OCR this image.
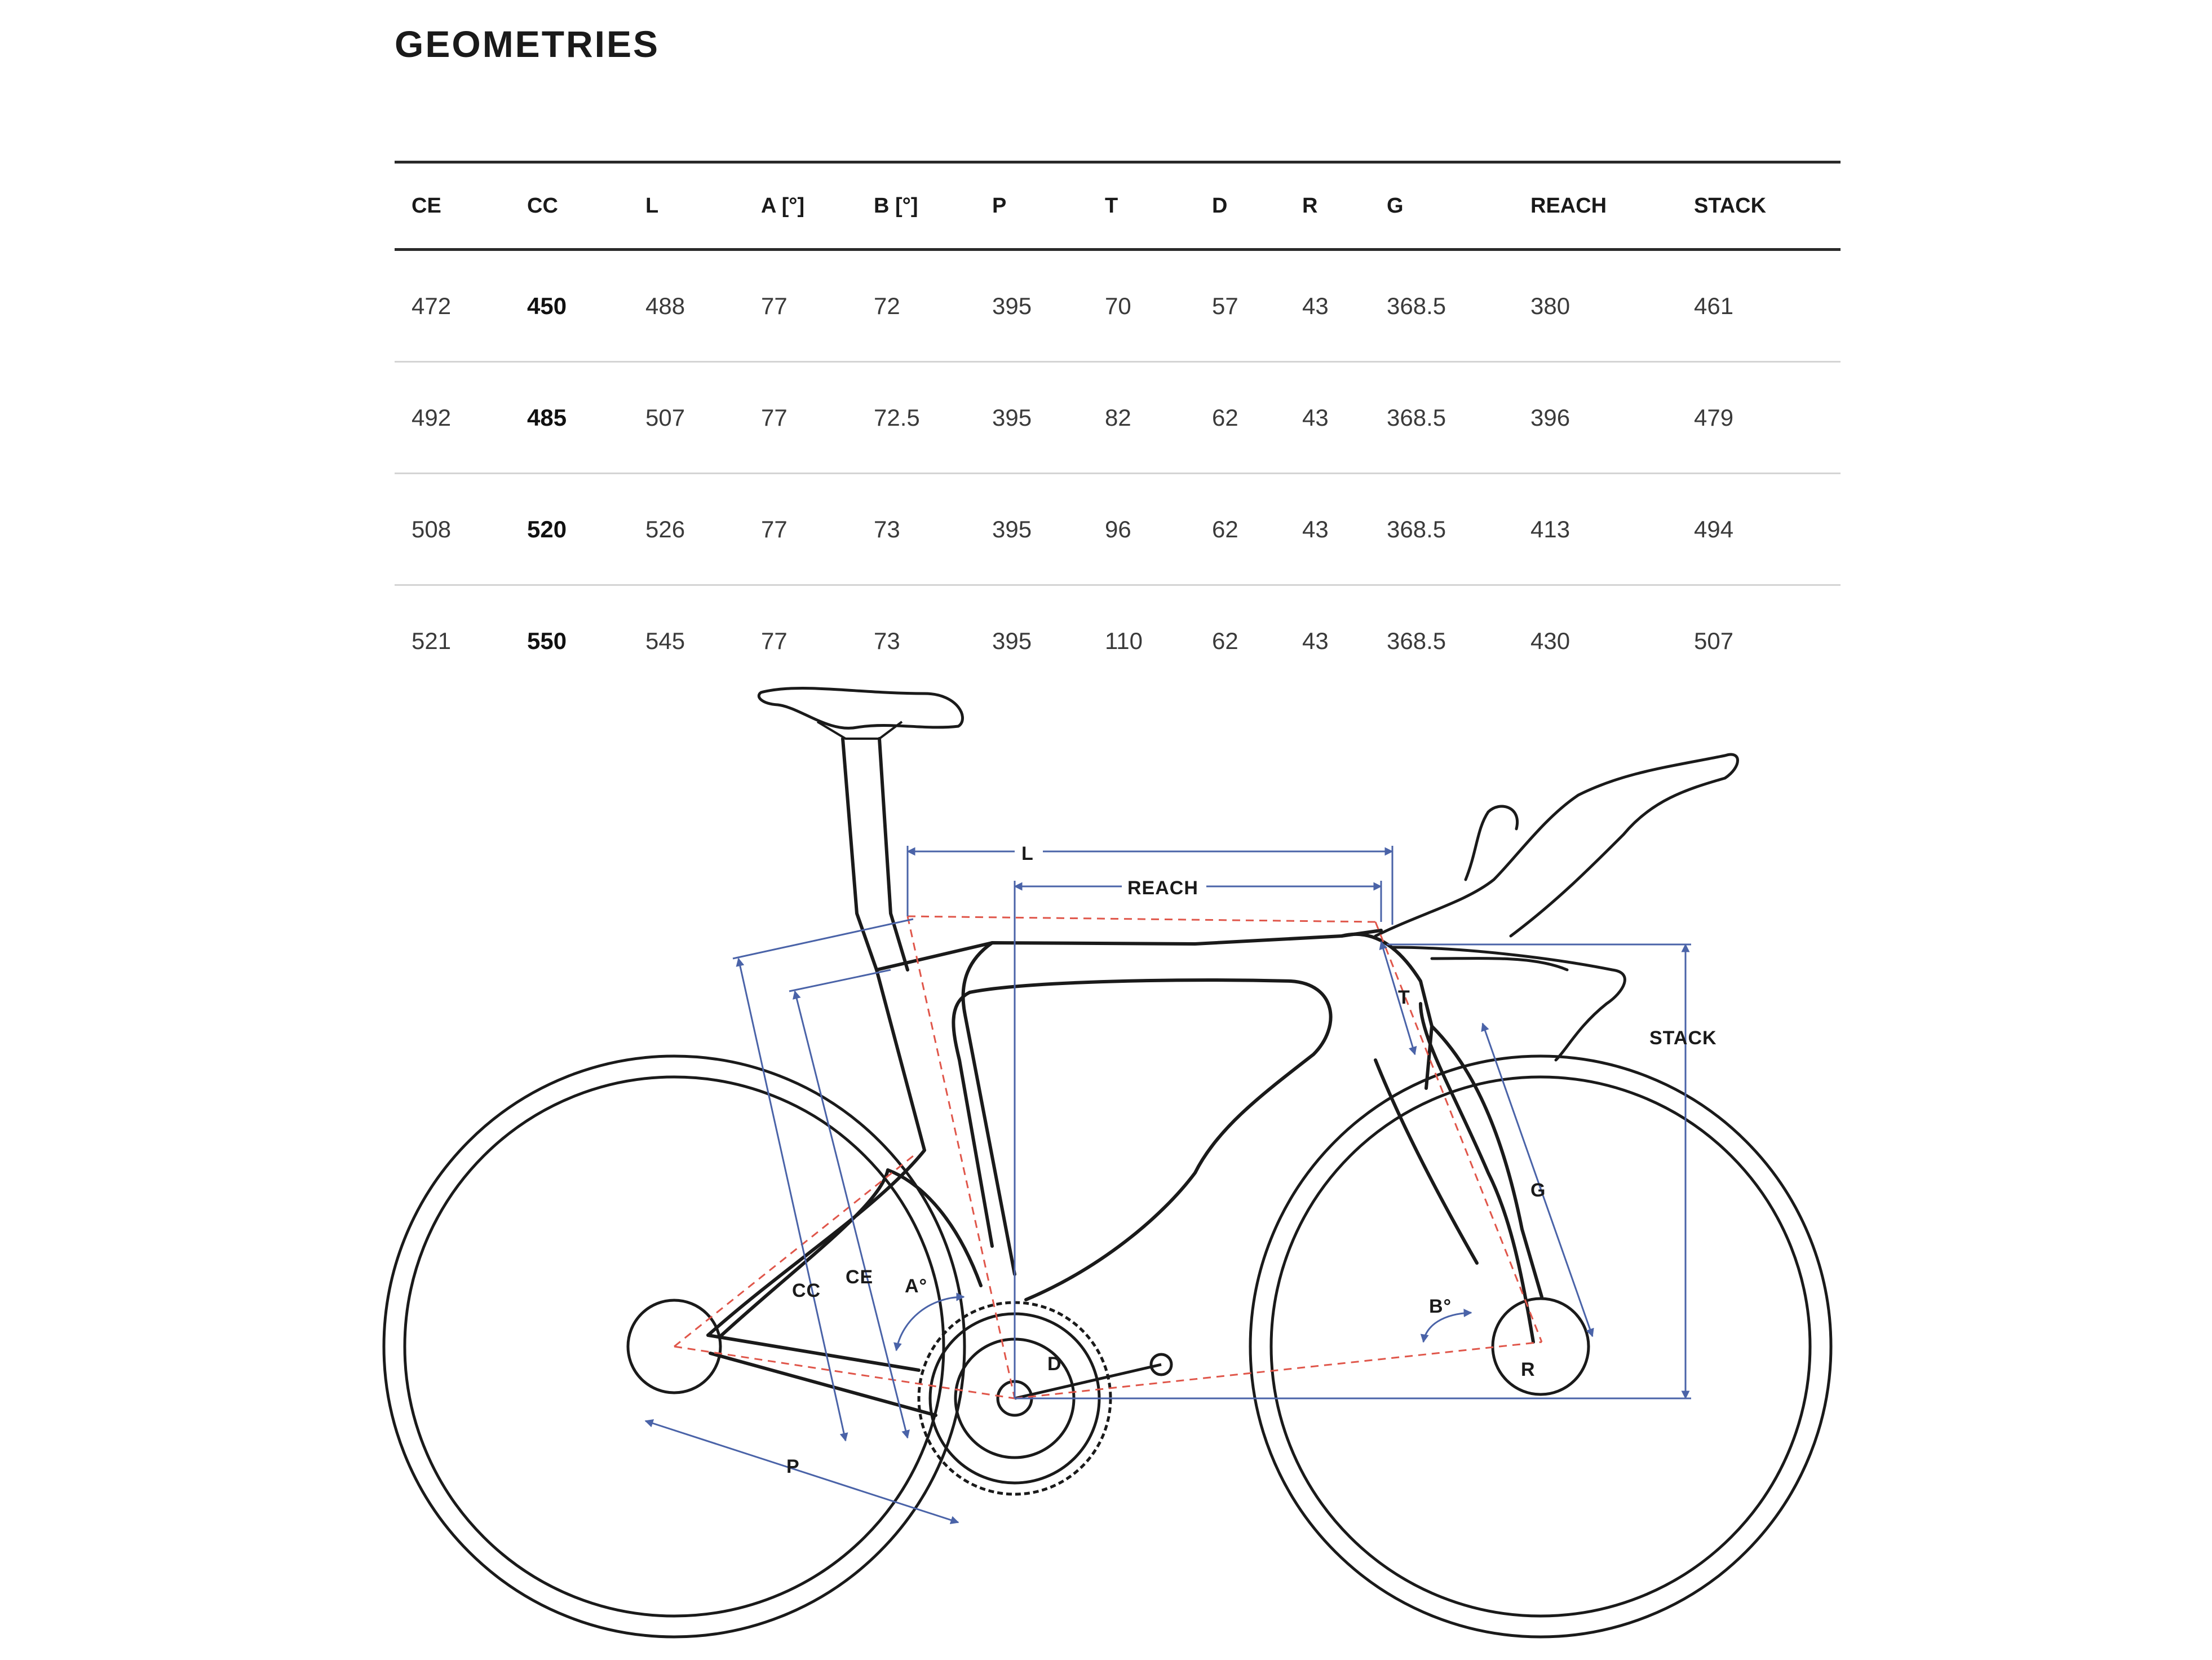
GEOMETRIES
CE	CC	L	A [°]	B [°]	P	T	D	R	G	REACH	STACK
472	450	488	77	72	395	70	57	43	368.5	380	461
492	485	507	77	72.5	395	82	62	43	368.5	396	479
508	520	526	77	73	395	96	62	43	368.5	413	494
521	550	545	77	73	395	110	62	43	368.5	430	507
L
REACH
T
STACK
G
CC
CE A°
B°
D	R
P
